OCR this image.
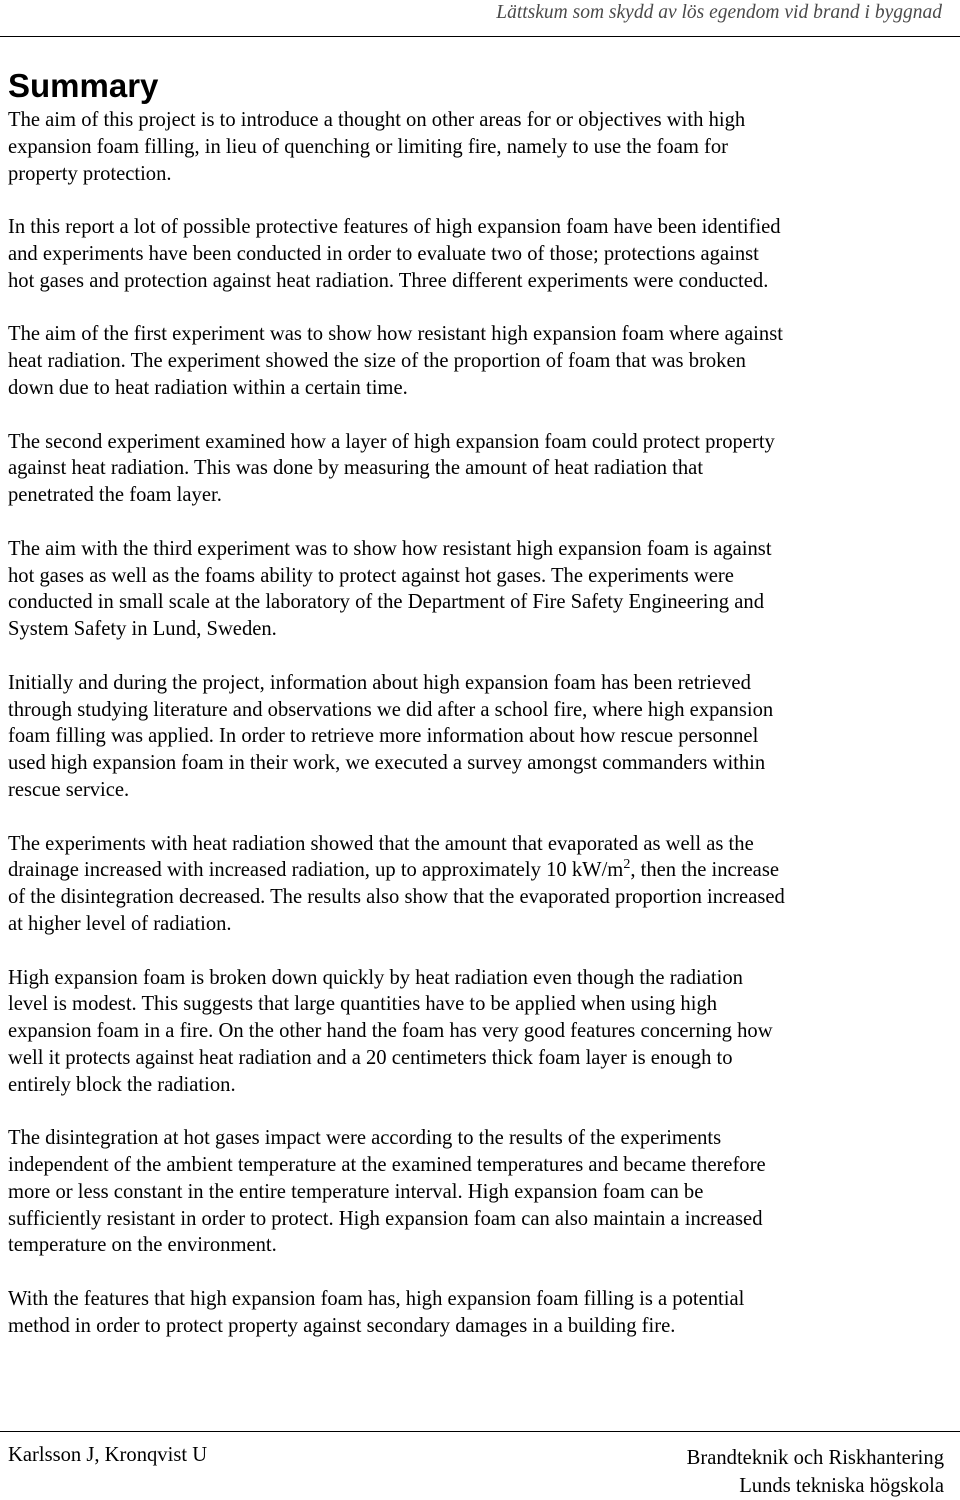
Lättskum som skydd av lös egendom vid brand i byggnad
Summary

The aim of this project is to introduce a thought on other areas for or objectives with high
expansion foam filling, in lieu of quenching or limiting fire, namely to use the foam for
property protection.

In this report a lot of possible protective features of high expansion foam have been identified
and experiments have been conducted in order to evaluate two of those; protections against
hot gases and protection against heat radiation. Three different experiments were conducted.

The aim of the first experiment was to show how resistant high expansion foam where against
heat radiation. The experiment showed the size of the proportion of foam that was broken
down due to heat radiation within a certain time.

The second experiment examined how a layer of high expansion foam could protect property
against heat radiation. This was done by measuring the amount of heat radiation that
penetrated the foam layer.

The aim with the third experiment was to show how resistant high expansion foam is against
hot gases as well as the foams ability to protect against hot gases. The experiments were
conducted in small scale at the laboratory of the Department of Fire Safety Engineering and
System Safety in Lund, Sweden.

Initially and during the project, information about high expansion foam has been retrieved
through studying literature and observations we did after a school fire, where high expansion
foam filling was applied. In order to retrieve more information about how rescue personnel
used high expansion foam in their work, we executed a survey amongst commanders within
rescue service.

The experiments with heat radiation showed that the amount that evaporated as well as the
drainage increased with increased radiation, up to approximately 10 $kW/m^2$, then the increase
of the disintegration decreased. The results also show that the evaporated proportion increased
at higher level of radiation.

High expansion foam is broken down quickly by heat radiation even though the radiation
level is modest. This suggests that large quantities have to be applied when using high
expansion foam in a fire. On the other hand the foam has very good features concerning how
well it protects against heat radiation and a 20 centimeters thick foam layer is enough to
entirely block the radiation.

The disintegration at hot gases impact were according to the results of the experiments
independent of the ambient temperature at the examined temperatures and became therefore
more or less constant in the entire temperature interval. High expansion foam can be
sufficiently resistant in order to protect. High expansion foam can also maintain a increased
temperature on the environment.

With the features that high expansion foam has, high expansion foam filling is a potential
method in order to protect property against secondary damages in a building fire.

Karlsson J, Kronqvist U	Brandteknik och Riskhantering
Lunds tekniska högskola
